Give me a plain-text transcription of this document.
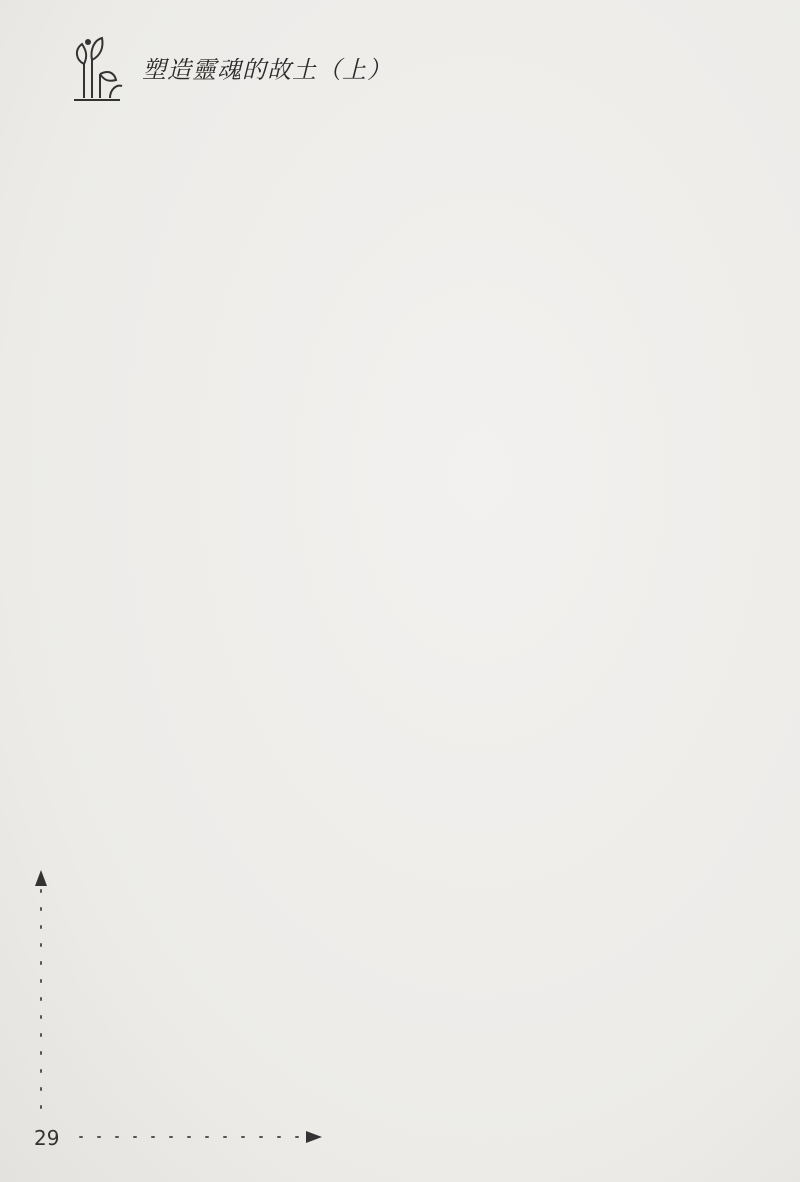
塑造靈魂的故土（上）
29
